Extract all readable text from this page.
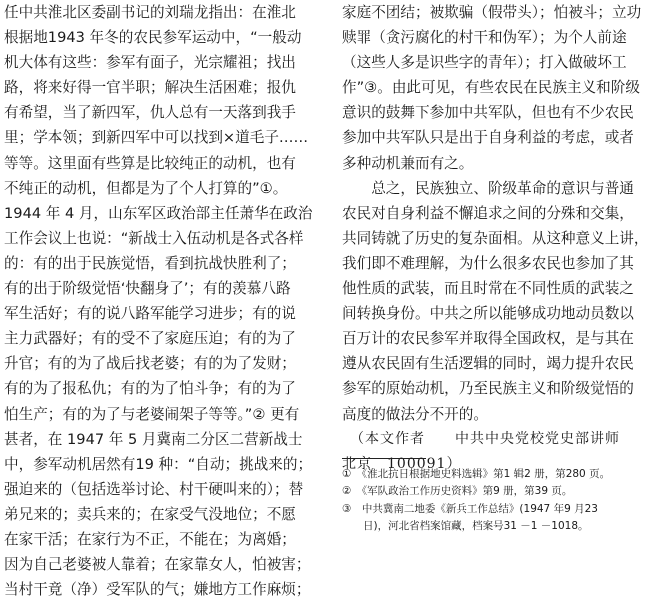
任中共淮北区委副书记的刘瑞龙指出：在淮北
根据地1943 年冬的农民参军运动中，“一般动
机大体有这些：参军有面子，光宗耀祖；找出
路，将来好得一官半职；解决生活困难；报仇
有希望，当了新四军，仇人总有一天落到我手
里；学本领；到新四军中可以找到×道毛子……
等等。这里面有些算是比较纯正的动机，也有
不纯正的动机，但都是为了个人打算的”①。
1944 年 4 月，山东军区政治部主任萧华在政治
工作会议上也说：“新战士入伍动机是各式各样
的：有的出于民族觉悟，看到抗战快胜利了；
有的出于阶级觉悟‘快翻身了’；有的羡慕八路
军生活好；有的说八路军能学习进步；有的说
主力武器好；有的受不了家庭压迫；有的为了
升官；有的为了战后找老婆；有的为了发财；
有的为了报私仇；有的为了怕斗争；有的为了
怕生产；有的为了与老婆闹架子等等。”② 更有
甚者，在 1947 年 5 月冀南二分区二营新战士
中，参军动机居然有19 种：“自动；挑战来的；
强迫来的（包括选举讨论、村干硬叫来的）；替
弟兄来的；卖兵来的；在家受气没地位；不愿
在家干活；在家行为不正，不能在；为离婚；
因为自己老婆被人靠着；在家靠女人，怕被害；
当村干竟（净）受军队的气；嫌地方工作麻烦；
家庭不团结；被欺骗（假带头）；怕被斗；立功
赎罪（贪污腐化的村干和伪军）；为个人前途
（这些人多是识些字的青年）；打入做破坏工
作”③。由此可见，有些农民在民族主义和阶级
意识的鼓舞下参加中共军队，但也有不少农民
参加中共军队只是出于自身利益的考虑，或者
多种动机兼而有之。
　　总之，民族独立、阶级革命的意识与普通
农民对自身利益不懈追求之间的分殊和交集，
共同铸就了历史的复杂面相。从这种意义上讲，
我们即不难理解，为什么很多农民也参加了其
他性质的武装，而且时常在不同性质的武装之
间转换身份。中共之所以能够成功地动员数以
百万计的农民参军并取得全国政权，是与其在
遵从农民固有生活逻辑的同时，竭力提升农民
参军的原始动机，乃至民族主义和阶级觉悟的
高度的做法分不开的。
　（本文作者　　中共中央党校党史部讲师
北京　100091）
①　《淮北抗日根据地史料选辑》第1 辑2 册，第280 页。
②　《军队政治工作历史资料》第9 册，第39 页。
③　中共冀南二地委《新兵工作总结》(1947 年9 月23
　　日)，河北省档案馆藏，档案号31 －1 －1018。
